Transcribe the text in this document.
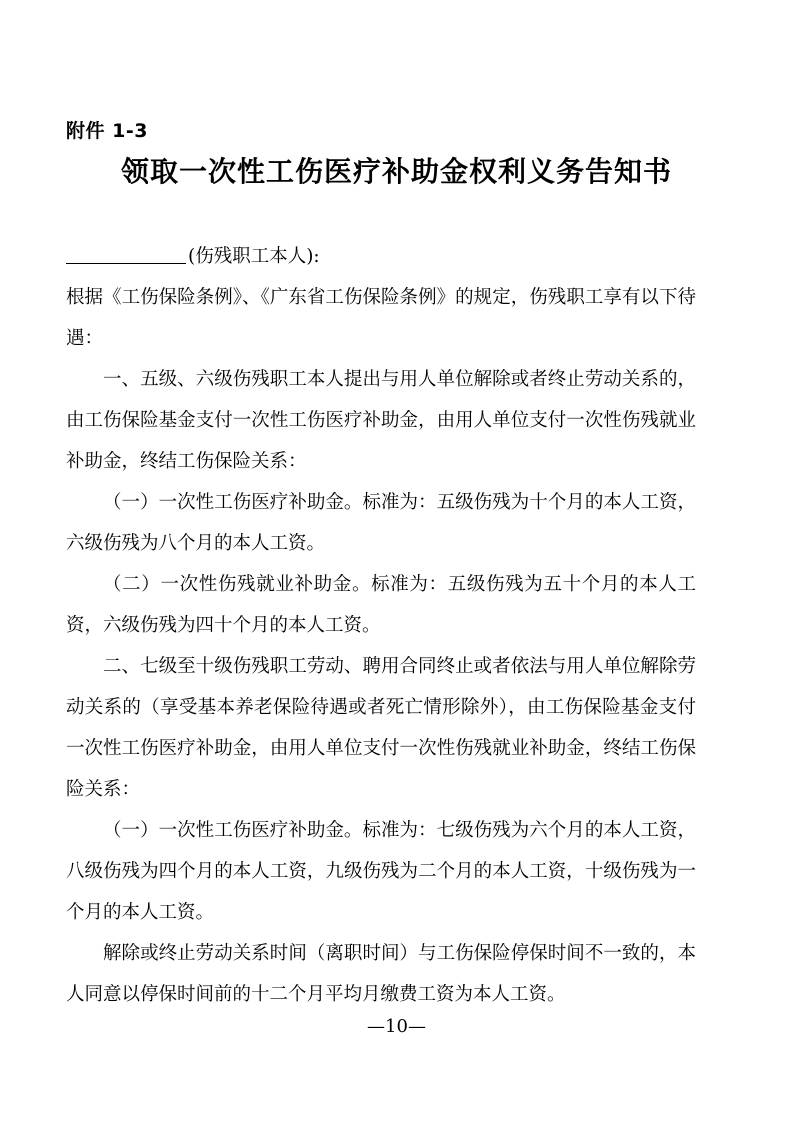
附件 1-3
领取一次性工伤医疗补助金权利义务告知书
(伤残职工本人):

根据《工伤保险条例》、《广东省工伤保险条例》的规定，伤残职工享有以下待遇：

一、五级、六级伤残职工本人提出与用人单位解除或者终止劳动关系的，由工伤保险基金支付一次性工伤医疗补助金，由用人单位支付一次性伤残就业补助金，终结工伤保险关系：

（一）一次性工伤医疗补助金。标准为：五级伤残为十个月的本人工资，六级伤残为八个月的本人工资。

（二）一次性伤残就业补助金。标准为：五级伤残为五十个月的本人工资，六级伤残为四十个月的本人工资。

二、七级至十级伤残职工劳动、聘用合同终止或者依法与用人单位解除劳动关系的（享受基本养老保险待遇或者死亡情形除外），由工伤保险基金支付一次性工伤医疗补助金，由用人单位支付一次性伤残就业补助金，终结工伤保险关系：

（一）一次性工伤医疗补助金。标准为：七级伤残为六个月的本人工资，八级伤残为四个月的本人工资，九级伤残为二个月的本人工资，十级伤残为一个月的本人工资。

解除或终止劳动关系时间（离职时间）与工伤保险停保时间不一致的，本人同意以停保时间前的十二个月平均月缴费工资为本人工资。

—10—
